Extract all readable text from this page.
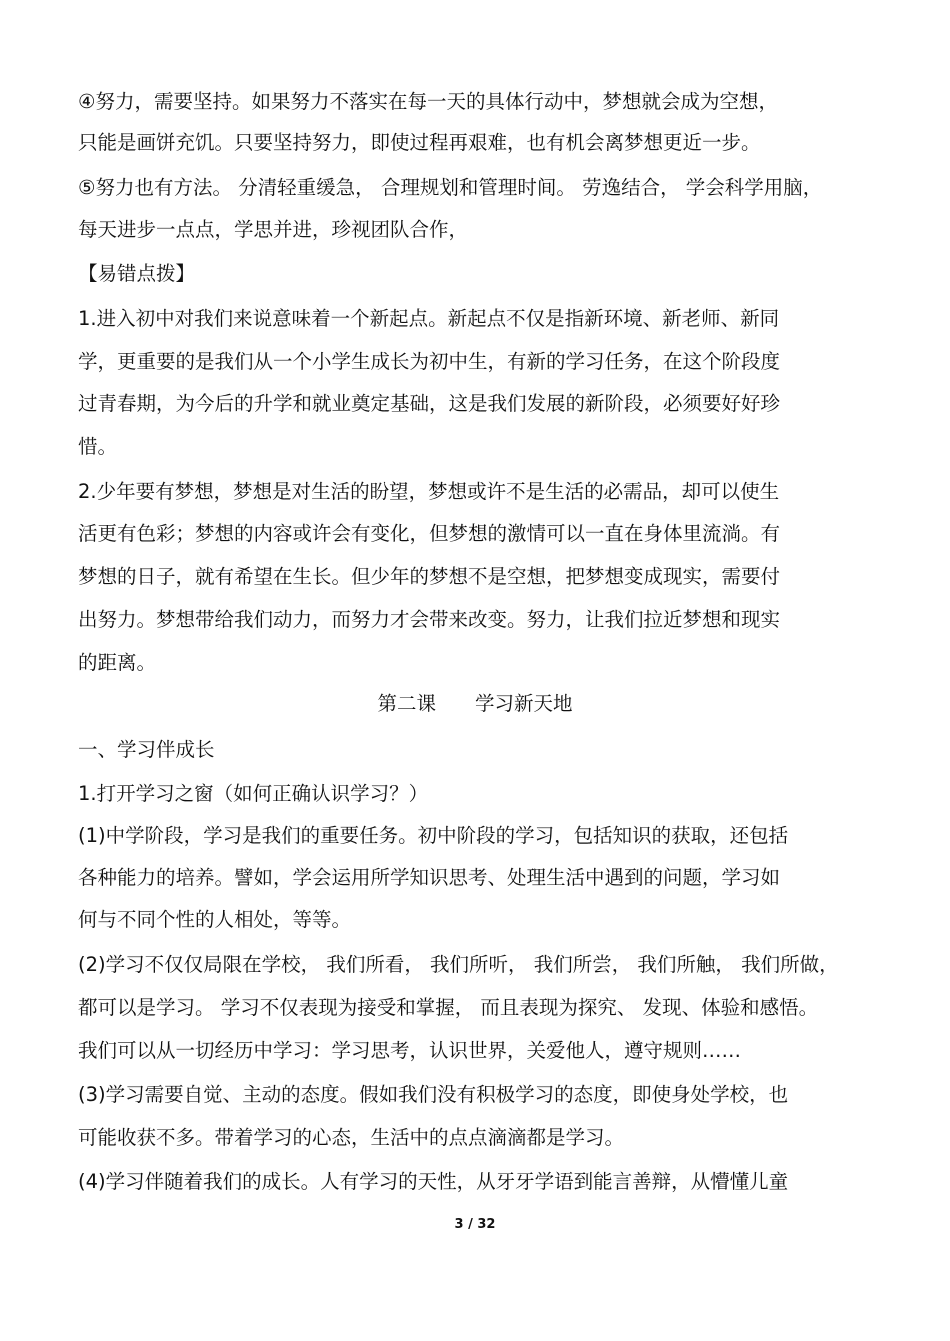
④努力，需要坚持。如果努力不落实在每一天的具体行动中，梦想就会成为空想，
只能是画饼充饥。只要坚持努力，即使过程再艰难，也有机会离梦想更近一步。
⑤努力也有方法。 分清轻重缓急， 合理规划和管理时间。 劳逸结合， 学会科学用脑，
每天进步一点点，学思并进，珍视团队合作，
【易错点拨】
1.进入初中对我们来说意味着一个新起点。新起点不仅是指新环境、新老师、新同
学，更重要的是我们从一个小学生成长为初中生，有新的学习任务，在这个阶段度
过青春期，为今后的升学和就业奠定基础，这是我们发展的新阶段，必须要好好珍
惜。
2.少年要有梦想，梦想是对生活的盼望，梦想或许不是生活的必需品，却可以使生
活更有色彩；梦想的内容或许会有变化，但梦想的激情可以一直在身体里流淌。有
梦想的日子，就有希望在生长。但少年的梦想不是空想，把梦想变成现实，需要付
出努力。梦想带给我们动力，而努力才会带来改变。努力，让我们拉近梦想和现实
的距离。
第二课　　学习新天地
一、学习伴成长
1.打开学习之窗（如何正确认识学习？）
(1)中学阶段，学习是我们的重要任务。初中阶段的学习，包括知识的获取，还包括
各种能力的培养。譬如，学会运用所学知识思考、处理生活中遇到的问题，学习如
何与不同个性的人相处，等等。
(2)学习不仅仅局限在学校， 我们所看， 我们所听， 我们所尝， 我们所触， 我们所做，
都可以是学习。 学习不仅表现为接受和掌握， 而且表现为探究、 发现、体验和感悟。
我们可以从一切经历中学习：学习思考，认识世界，关爱他人，遵守规则……
(3)学习需要自觉、主动的态度。假如我们没有积极学习的态度，即使身处学校，也
可能收获不多。带着学习的心态，生活中的点点滴滴都是学习。
(4)学习伴随着我们的成长。人有学习的天性，从牙牙学语到能言善辩，从懵懂儿童
3 / 32
